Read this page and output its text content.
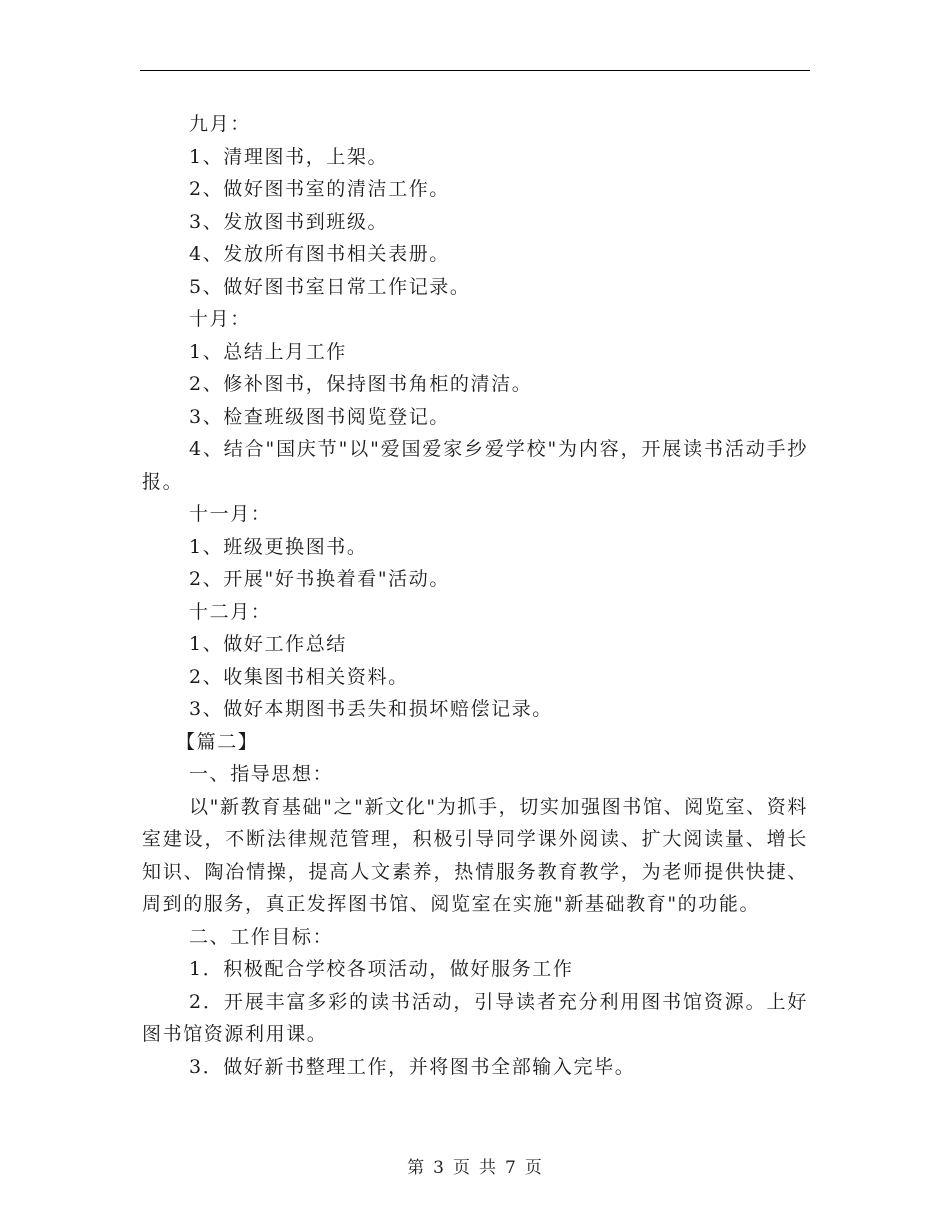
九月：

1、清理图书，上架。

2、做好图书室的清洁工作。

3、发放图书到班级。

4、发放所有图书相关表册。

5、做好图书室日常工作记录。

十月：

1、总结上月工作

2、修补图书，保持图书角柜的清洁。

3、检查班级图书阅览登记。

4、结合"国庆节"以"爱国爱家乡爱学校"为内容，开展读书活动手抄报。

十一月：

1、班级更换图书。

2、开展"好书换着看"活动。

十二月：

1、做好工作总结

2、收集图书相关资料。

3、做好本期图书丢失和损坏赔偿记录。

【篇二】

一、指导思想：

以"新教育基础"之"新文化"为抓手，切实加强图书馆、阅览室、资料室建设，不断法律规范管理，积极引导同学课外阅读、扩大阅读量、增长知识、陶冶情操，提高人文素养，热情服务教育教学，为老师提供快捷、周到的服务，真正发挥图书馆、阅览室在实施"新基础教育"的功能。

二、工作目标：

1．积极配合学校各项活动，做好服务工作

2．开展丰富多彩的读书活动，引导读者充分利用图书馆资源。上好图书馆资源利用课。

3．做好新书整理工作，并将图书全部输入完毕。

第 3 页 共 7 页
